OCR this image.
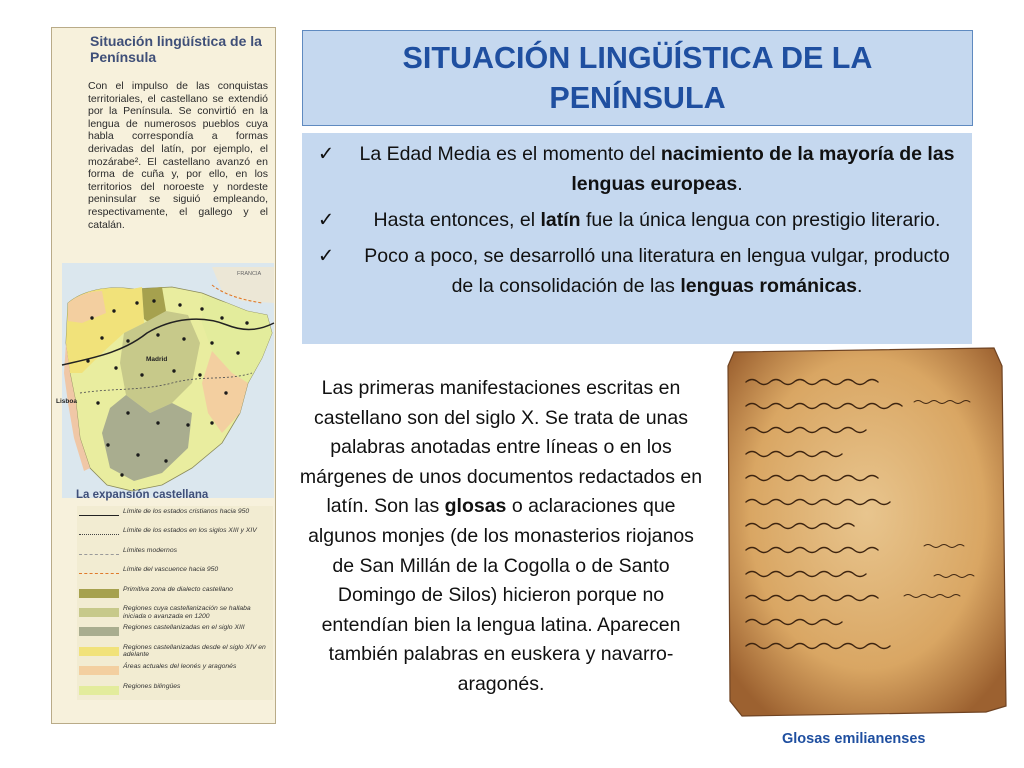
Situación lingüística de la Península
Con el impulso de las conquistas territoriales, el castellano se extendió por la Península. Se convirtió en la lengua de numerosos pueblos cuya habla correspondía a formas derivadas del latín, por ejemplo, el mozárabe². El castellano avanzó en forma de cuña y, por ello, en los territorios del noroeste y nordeste peninsular se siguió empleando, respectivamente, el gallego y el catalán.
FRANCIA
Madrid
Lisboa
La expansión castellana
Límite de los estados cristianos hacia 950
Límite de los estados en los siglos XIII y XIV
Límites modernos
Límite del vascuence hacia 950
Primitiva zona de dialecto castellano
Regiones cuya castellanización se hallaba iniciada o avanzada en 1200
Regiones castellanizadas en el siglo XIII
Regiones castellanizadas desde el siglo XIV en adelante
Áreas actuales del leonés y aragonés
Regiones bilingües
SITUACIÓN LINGÜÍSTICA DE LA PENÍNSULA
✓ La Edad Media es el momento del nacimiento de la mayoría de las lenguas europeas.
✓	Hasta entonces, el latín fue la única lengua con prestigio literario.
✓	Poco a poco, se desarrolló una literatura en lengua vulgar, producto de la consolidación de las lenguas románicas.
Las primeras manifestaciones escritas en castellano son del siglo X. Se trata de unas palabras anotadas entre líneas o en los márgenes de unos documentos redactados en latín. Son las glosas o aclaraciones que algunos monjes (de los monasterios riojanos de San Millán de la Cogolla o de Santo Domingo de Silos) hicieron porque no entendían bien la lengua latina. Aparecen también palabras en euskera y navarro-aragonés.
Glosas emilianenses
